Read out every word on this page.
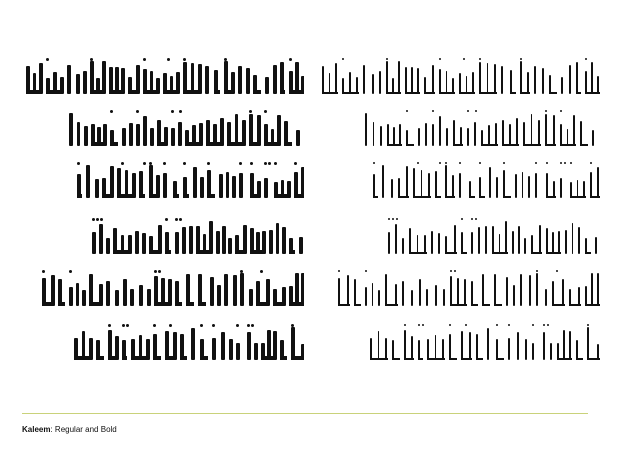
Kaleem: Regular and Bold
